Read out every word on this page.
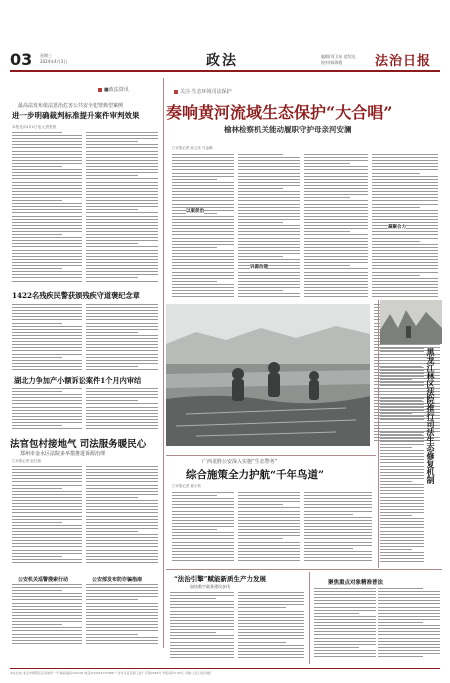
03 星期三
2024年4月3日	政法	编辑/刘卫东 范绍光
校对/郝海霞	法治日报
■政法资讯
最高法发布依法惩治危害公共安全犯罪典型案例
进一步明确裁判标准提升案件审判效果
本报北京4月2日电 记者张晨
1422名残疾民警获颁残疾守道褒纪念章
湖北力争加产小额诉讼案件1个月内审结
法官包村接地气 司法服务暖民心
郑州市金水区法院多举措推进诉源治理
□本报记者 赵红旗
公安机关巡警搜索行动	公安部发布防诈骗指南
关注·生态环境司法保护
奏响黄河流域生态保护“大合唱”
榆林检察机关能动履职守护母亲河安澜
□本报记者 孙立亮 马金顺
以案促治
诉源治理
凝聚合力
广西龙胜公安深入实施“生态警务”
综合施策全力护航“千年鸟道”
□本报记者 莫小松
黑龙江林区法院推行司法生态修复机制
“法治引擎”赋能新质生产力发展
加快数字政务建设步伐
聚焦重点对象精准普法
本社社址:北京市朝阳区花家地甲一号 邮政编码100102 电话(010)84772388 广告许可证京朝工商广字第0028号 零售每份1.50元 印刷:人民日报印刷厂
